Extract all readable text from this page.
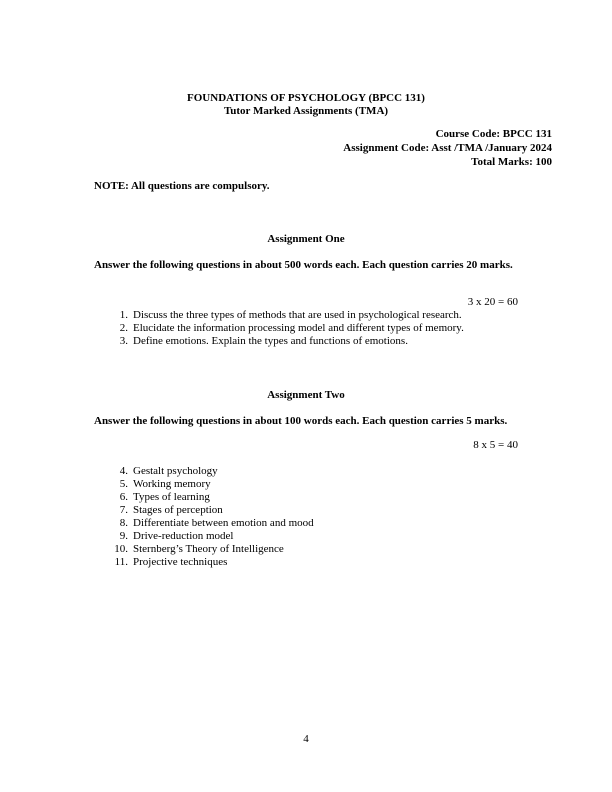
FOUNDATIONS OF PSYCHOLOGY (BPCC 131)
Tutor Marked Assignments (TMA)
Course Code: BPCC 131
Assignment Code: Asst /TMA /January 2024
Total Marks: 100
NOTE: All questions are compulsory.
Assignment One
Answer the following questions in about 500 words each. Each question carries 20 marks.
3 x 20 = 60
1. Discuss the three types of methods that are used in psychological research.
2. Elucidate the information processing model and different types of memory.
3. Define emotions. Explain the types and functions of emotions.
Assignment Two
Answer the following questions in about 100 words each. Each question carries 5 marks.
8 x 5 = 40
4. Gestalt psychology
5. Working memory
6. Types of learning
7. Stages of perception
8. Differentiate between emotion and mood
9. Drive-reduction model
10. Sternberg’s Theory of Intelligence
11. Projective techniques
4
